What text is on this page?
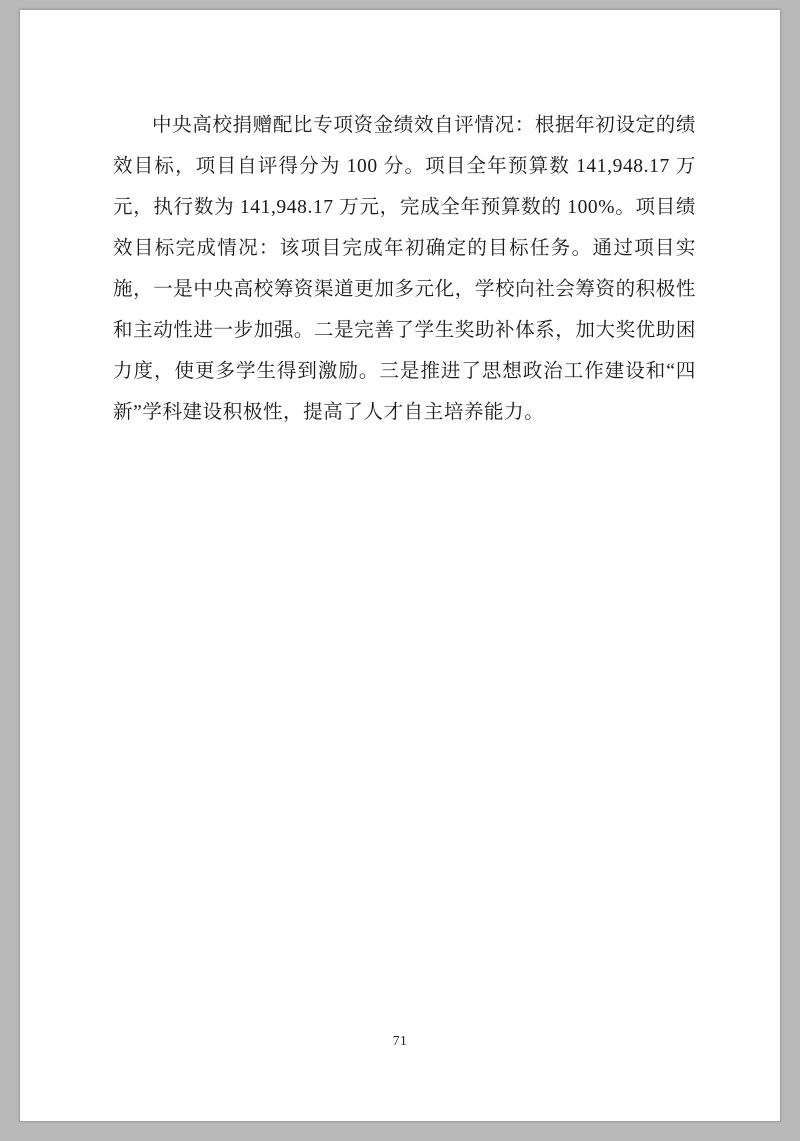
中央高校捐赠配比专项资金绩效自评情况：根据年初设定的绩效目标，项目自评得分为 100 分。项目全年预算数 141,948.17 万元，执行数为 141,948.17 万元，完成全年预算数的 100%。项目绩效目标完成情况：该项目完成年初确定的目标任务。通过项目实施，一是中央高校筹资渠道更加多元化，学校向社会筹资的积极性和主动性进一步加强。二是完善了学生奖助补体系，加大奖优助困力度，使更多学生得到激励。三是推进了思想政治工作建设和“四新”学科建设积极性，提高了人才自主培养能力。

71
